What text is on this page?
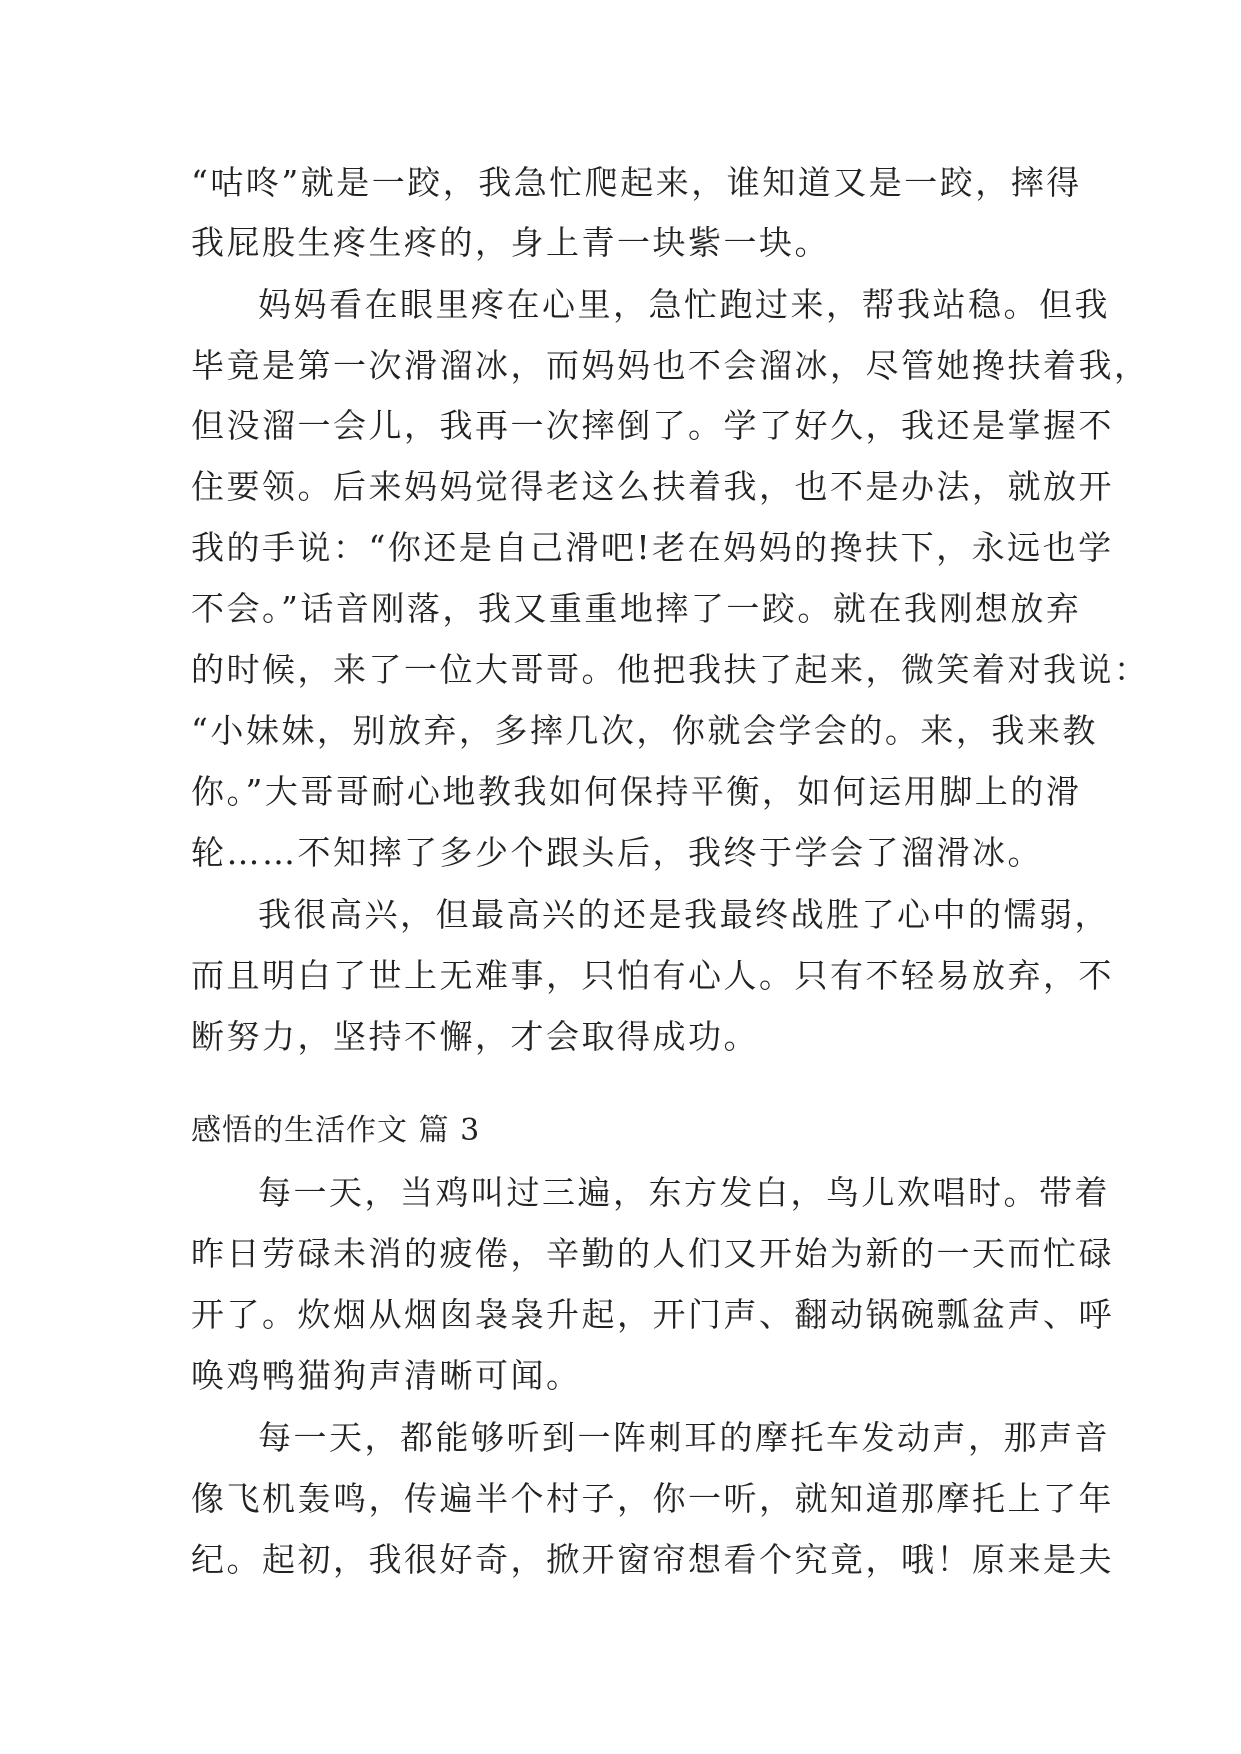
“咕咚”就是一跤，我急忙爬起来，谁知道又是一跤，摔得
我屁股生疼生疼的，身上青一块紫一块。
妈妈看在眼里疼在心里，急忙跑过来，帮我站稳。但我
毕竟是第一次滑溜冰，而妈妈也不会溜冰，尽管她搀扶着我，
但没溜一会儿，我再一次摔倒了。学了好久，我还是掌握不
住要领。后来妈妈觉得老这么扶着我，也不是办法，就放开
我的手说：“你还是自己滑吧!老在妈妈的搀扶下，永远也学
不会。”话音刚落，我又重重地摔了一跤。就在我刚想放弃
的时候，来了一位大哥哥。他把我扶了起来，微笑着对我说：
“小妹妹，别放弃，多摔几次，你就会学会的。来，我来教
你。”大哥哥耐心地教我如何保持平衡，如何运用脚上的滑
轮……不知摔了多少个跟头后，我终于学会了溜滑冰。
我很高兴，但最高兴的还是我最终战胜了心中的懦弱，
而且明白了世上无难事，只怕有心人。只有不轻易放弃，不
断努力，坚持不懈，才会取得成功。
感悟的生活作文 篇 3
每一天，当鸡叫过三遍，东方发白，鸟儿欢唱时。带着
昨日劳碌未消的疲倦，辛勤的人们又开始为新的一天而忙碌
开了。炊烟从烟囱袅袅升起，开门声、翻动锅碗瓢盆声、呼
唤鸡鸭猫狗声清晰可闻。
每一天，都能够听到一阵刺耳的摩托车发动声，那声音
像飞机轰鸣，传遍半个村子，你一听，就知道那摩托上了年
纪。起初，我很好奇，掀开窗帘想看个究竟，哦！原来是夫
